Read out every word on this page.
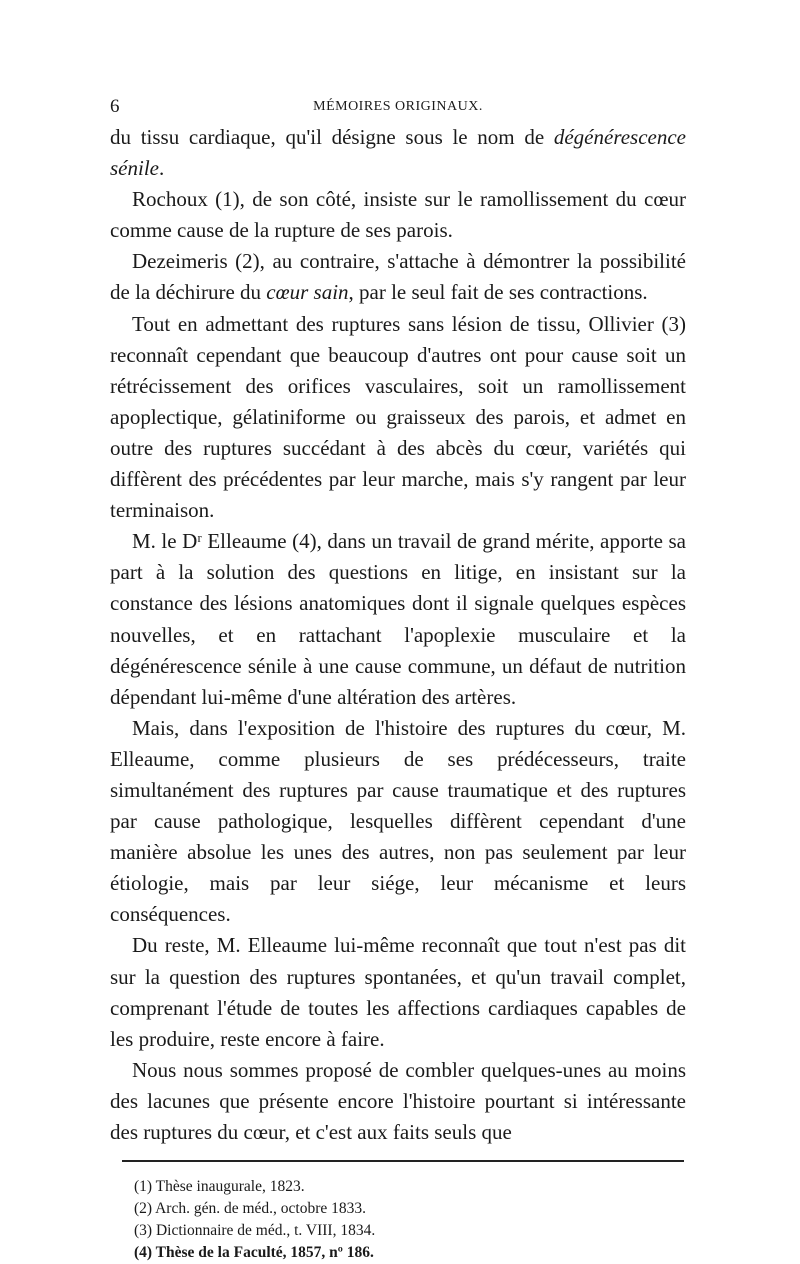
6	MÉMOIRES ORIGINAUX.

du tissu cardiaque, qu'il désigne sous le nom de dégénérescence sénile.

Rochoux (1), de son côté, insiste sur le ramollissement du cœur comme cause de la rupture de ses parois.

Dezeimeris (2), au contraire, s'attache à démontrer la possibilité de la déchirure du cœur sain, par le seul fait de ses contractions.

Tout en admettant des ruptures sans lésion de tissu, Ollivier (3) reconnaît cependant que beaucoup d'autres ont pour cause soit un rétrécissement des orifices vasculaires, soit un ramollissement apoplectique, gélatiniforme ou graisseux des parois, et admet en outre des ruptures succédant à des abcès du cœur, variétés qui diffèrent des précédentes par leur marche, mais s'y rangent par leur terminaison.

M. le Dʳ Elleaume (4), dans un travail de grand mérite, apporte sa part à la solution des questions en litige, en insistant sur la constance des lésions anatomiques dont il signale quelques espèces nouvelles, et en rattachant l'apoplexie musculaire et la dégénérescence sénile à une cause commune, un défaut de nutrition dépendant lui-même d'une altération des artères.

Mais, dans l'exposition de l'histoire des ruptures du cœur, M. Elleaume, comme plusieurs de ses prédécesseurs, traite simultanément des ruptures par cause traumatique et des ruptures par cause pathologique, lesquelles diffèrent cependant d'une manière absolue les unes des autres, non pas seulement par leur étiologie, mais par leur siége, leur mécanisme et leurs conséquences.

Du reste, M. Elleaume lui-même reconnaît que tout n'est pas dit sur la question des ruptures spontanées, et qu'un travail complet, comprenant l'étude de toutes les affections cardiaques capables de les produire, reste encore à faire.

Nous nous sommes proposé de combler quelques-unes au moins des lacunes que présente encore l'histoire pourtant si intéressante des ruptures du cœur, et c'est aux faits seuls que

(1) Thèse inaugurale, 1823.
(2) Arch. gén. de méd., octobre 1833.
(3) Dictionnaire de méd., t. VIII, 1834.
(4) Thèse de la Faculté, 1857, nº 186.
